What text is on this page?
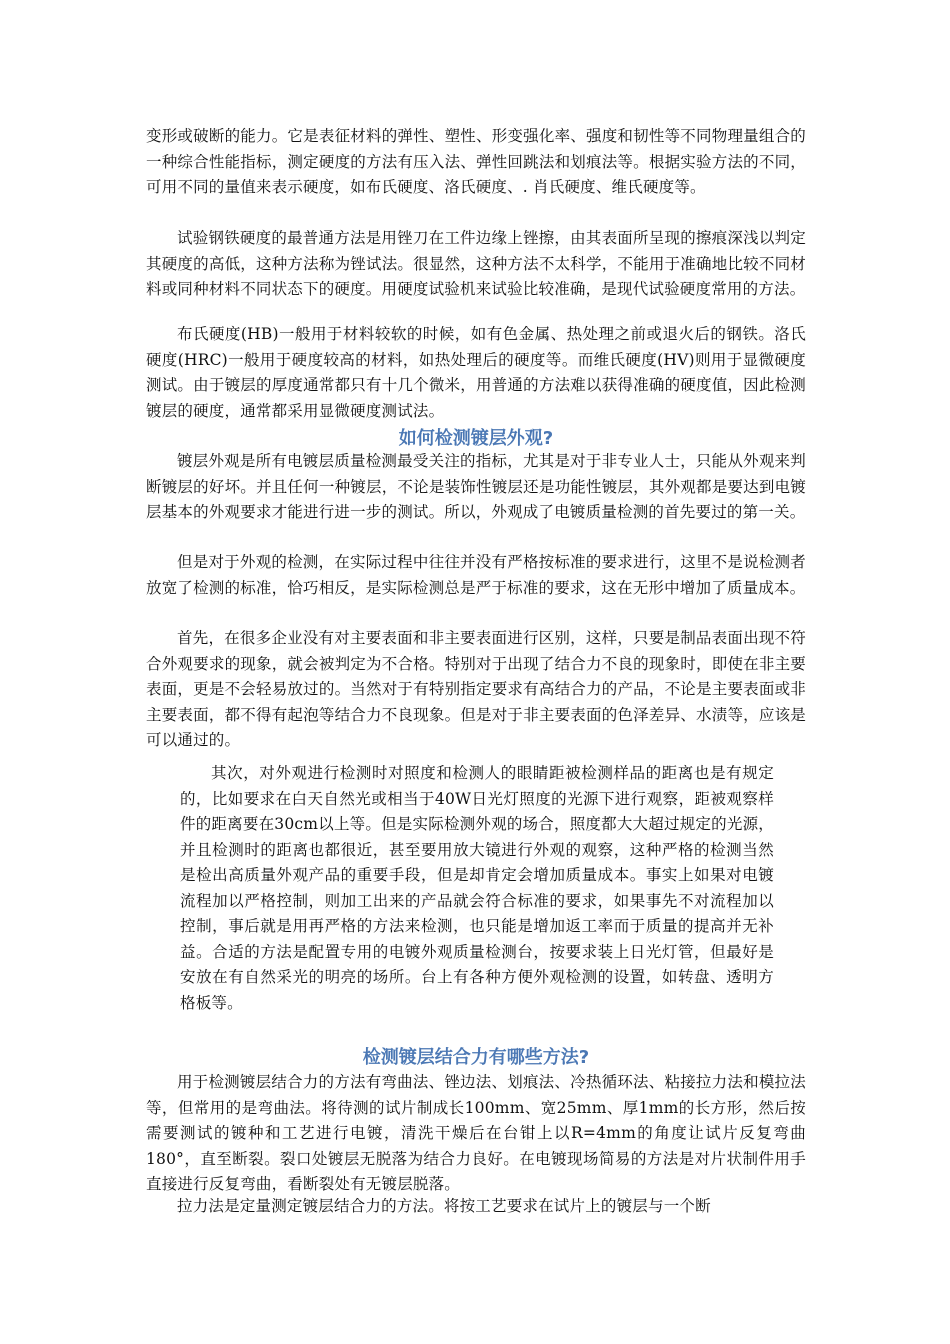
变形或破断的能力。它是表征材料的弹性、塑性、形变强化率、强度和韧性等不同物理量组合的一种综合性能指标，测定硬度的方法有压入法、弹性回跳法和划痕法等。根据实验方法的不同，可用不同的量值来表示硬度，如布氏硬度、洛氏硬度、. 肖氏硬度、维氏硬度等。

试验钢铁硬度的最普通方法是用锉刀在工件边缘上锉擦，由其表面所呈现的擦痕深浅以判定其硬度的高低，这种方法称为锉试法。很显然，这种方法不太科学，不能用于准确地比较不同材料或同种材料不同状态下的硬度。用硬度试验机来试验比较准确，是现代试验硬度常用的方法。

布氏硬度(HB)一般用于材料较软的时候，如有色金属、热处理之前或退火后的钢铁。洛氏硬度(HRC)一般用于硬度较高的材料，如热处理后的硬度等。而维氏硬度(HV)则用于显微硬度测试。由于镀层的厚度通常都只有十几个微米，用普通的方法难以获得准确的硬度值，因此检测镀层的硬度，通常都采用显微硬度测试法。

如何检测镀层外观?

镀层外观是所有电镀层质量检测最受关注的指标，尤其是对于非专业人士，只能从外观来判断镀层的好坏。并且任何一种镀层，不论是装饰性镀层还是功能性镀层，其外观都是要达到电镀层基本的外观要求才能进行进一步的测试。所以，外观成了电镀质量检测的首先要过的第一关。

但是对于外观的检测，在实际过程中往往并没有严格按标准的要求进行，这里不是说检测者放宽了检测的标准，恰巧相反，是实际检测总是严于标准的要求，这在无形中增加了质量成本。

首先，在很多企业没有对主要表面和非主要表面进行区别，这样，只要是制品表面出现不符合外观要求的现象，就会被判定为不合格。特别对于出现了结合力不良的现象时，即使在非主要表面，更是不会轻易放过的。当然对于有特别指定要求有高结合力的产品，不论是主要表面或非主要表面，都不得有起泡等结合力不良现象。但是对于非主要表面的色泽差异、水渍等，应该是可以通过的。

其次，对外观进行检测时对照度和检测人的眼睛距被检测样品的距离也是有规定的，比如要求在白天自然光或相当于40W日光灯照度的光源下进行观察，距被观察样件的距离要在30cm以上等。但是实际检测外观的场合，照度都大大超过规定的光源，并且检测时的距离也都很近，甚至要用放大镜进行外观的观察，这种严格的检测当然是检出高质量外观产品的重要手段，但是却肯定会增加质量成本。事实上如果对电镀流程加以严格控制，则加工出来的产品就会符合标准的要求，如果事先不对流程加以控制，事后就是用再严格的方法来检测，也只能是增加返工率而于质量的提高并无补益。合适的方法是配置专用的电镀外观质量检测台，按要求装上日光灯管，但最好是安放在有自然采光的明亮的场所。台上有各种方便外观检测的设置，如转盘、透明方格板等。

检测镀层结合力有哪些方法?

用于检测镀层结合力的方法有弯曲法、锉边法、划痕法、冷热循环法、粘接拉力法和模拉法等，但常用的是弯曲法。将待测的试片制成长100mm、宽25mm、厚1mm的长方形，然后按需要测试的镀种和工艺进行电镀，清洗干燥后在台钳上以R=4mm的角度让试片反复弯曲180°，直至断裂。裂口处镀层无脱落为结合力良好。在电镀现场简易的方法是对片状制件用手直接进行反复弯曲，看断裂处有无镀层脱落。

拉力法是定量测定镀层结合力的方法。将按工艺要求在试片上的镀层与一个断
